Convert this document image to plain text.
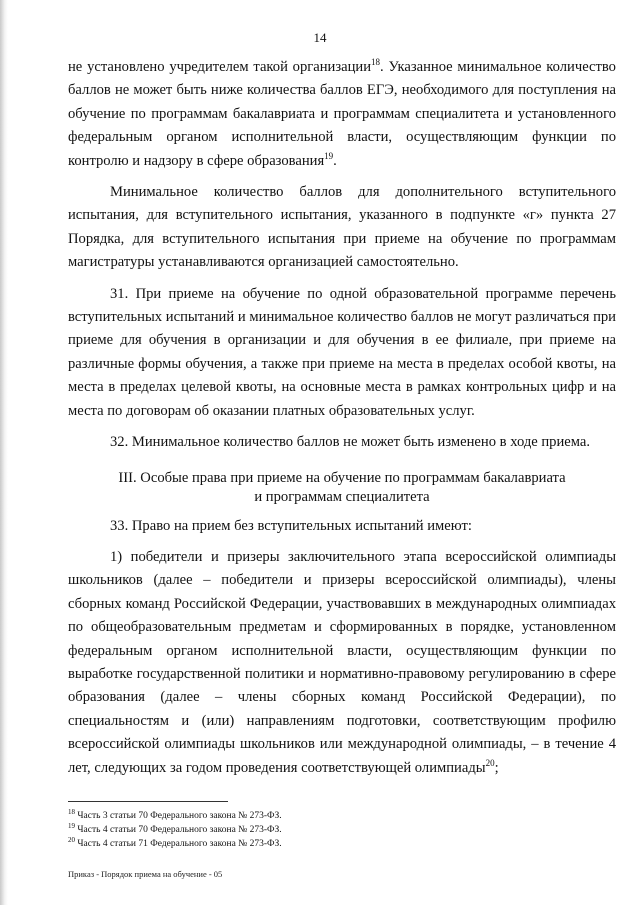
14

не установлено учредителем такой организации$^{18}$. Указанное минимальное количество баллов не может быть ниже количества баллов ЕГЭ, необходимого для поступления на обучение по программам бакалавриата и программам специалитета и установленного федеральным органом исполнительной власти, осуществляющим функции по контролю и надзору в сфере образования$^{19}$.

Минимальное количество баллов для дополнительного вступительного испытания, для вступительного испытания, указанного в подпункте «г» пункта 27 Порядка, для вступительного испытания при приеме на обучение по программам магистратуры устанавливаются организацией самостоятельно.

31. При приеме на обучение по одной образовательной программе перечень вступительных испытаний и минимальное количество баллов не могут различаться при приеме для обучения в организации и для обучения в ее филиале, при приеме на различные формы обучения, а также при приеме на места в пределах особой квоты, на места в пределах целевой квоты, на основные места в рамках контрольных цифр и на места по договорам об оказании платных образовательных услуг.

32. Минимальное количество баллов не может быть изменено в ходе приема.

III. Особые права при приеме на обучение по программам бакалавриата
и программам специалитета

33. Право на прием без вступительных испытаний имеют:

1) победители и призеры заключительного этапа всероссийской олимпиады школьников (далее – победители и призеры всероссийской олимпиады), члены сборных команд Российской Федерации, участвовавших в международных олимпиадах по общеобразовательным предметам и сформированных в порядке, установленном федеральным органом исполнительной власти, осуществляющим функции по выработке государственной политики и нормативно-правовому регулированию в сфере образования (далее – члены сборных команд Российской Федерации), по специальностям и (или) направлениям подготовки, соответствующим профилю всероссийской олимпиады школьников или международной олимпиады, – в течение 4 лет, следующих за годом проведения соответствующей олимпиады$^{20}$;

$^{18}$ Часть 3 статьи 70 Федерального закона № 273-ФЗ.
$^{19}$ Часть 4 статьи 70 Федерального закона № 273-ФЗ.
$^{20}$ Часть 4 статьи 71 Федерального закона № 273-ФЗ.
Приказ - Порядок приема на обучение - 05
